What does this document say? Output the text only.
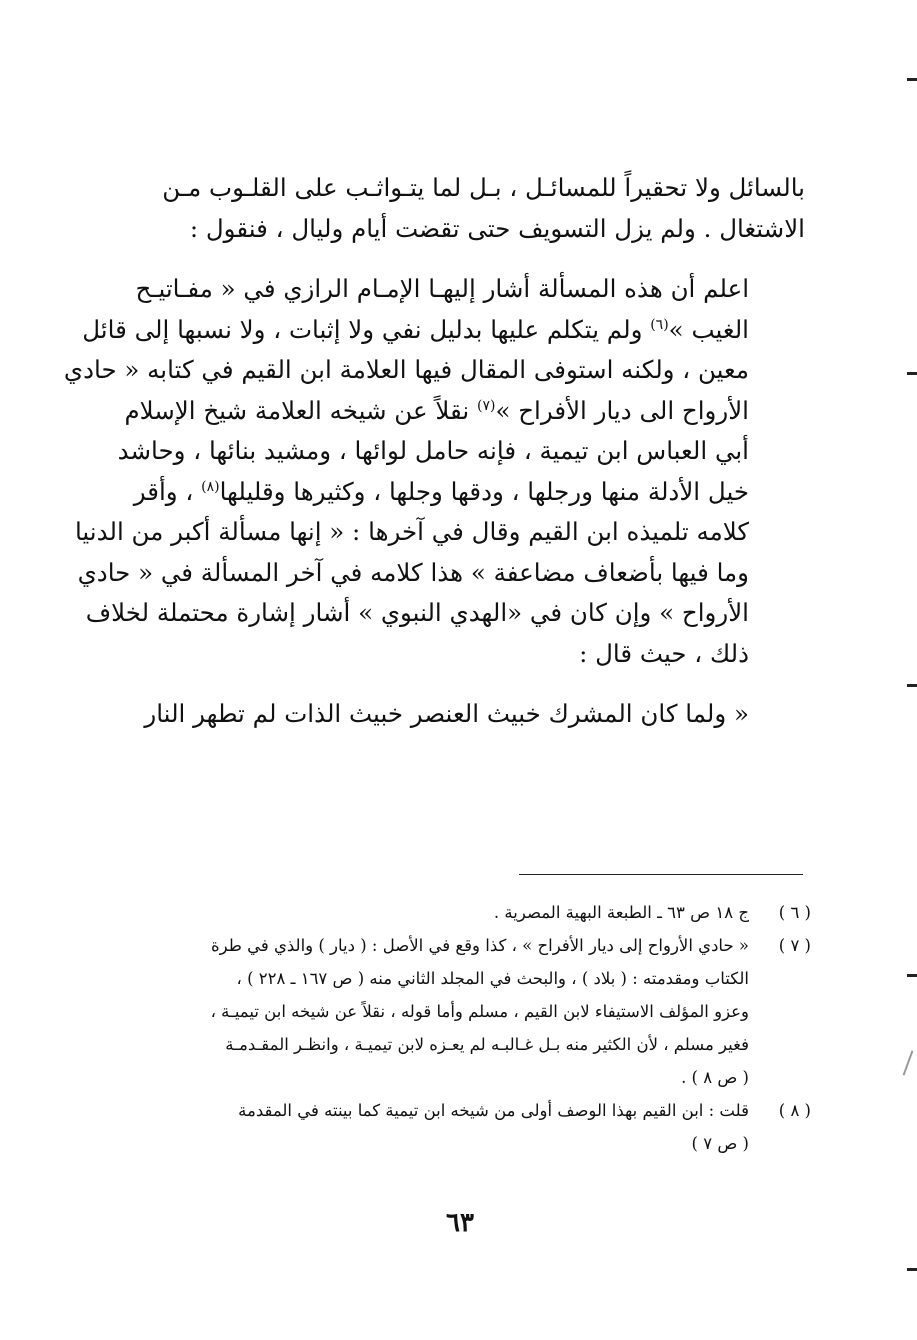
بالسائل ولا تحقيراً للمسائـل ، بـل لما يتـواثـب على القلـوب مـن
الاشتغال . ولم يزل التسويف حتى تقضت أيام وليال ، فنقول :

اعلم أن هذه المسألة أشار إليهـا الإمـام الرازي في « مفـاتيـح
الغيب »$^{(٦)}$ ولم يتكلم عليها بدليل نفي ولا إثبات ، ولا نسبها إلى قائل
معين ، ولكنه استوفى المقال فيها العلامة ابن القيم في كتابه « حادي
الأرواح الى ديار الأفراح »$^{(٧)}$ نقلاً عن شيخه العلامة شيخ الإسلام
أبي العباس ابن تيمية ، فإنه حامل لوائها ، ومشيد بنائها ، وحاشد
خيل الأدلة منها ورجلها ، ودقها وجلها ، وكثيرها وقليلها$^{(٨)}$ ، وأقر
كلامه تلميذه ابن القيم وقال في آخرها : « إنها مسألة أكبر من الدنيا
وما فيها بأضعاف مضاعفة » هذا كلامه في آخر المسألة في « حادي
الأرواح » وإن كان في «الهدي النبوي » أشار إشارة محتملة لخلاف
ذلك ، حيث قال :

« ولما كان المشرك خبيث العنصر خبيث الذات لم تطهر النار

( ٦ )
ج ١٨ ص ٦٣ ـ الطبعة البهية المصرية .
( ٧ )
« حادي الأرواح إلى ديار الأفراح » ، كذا وقع في الأصل : ( ديار ) والذي في طرة
الكتاب ومقدمته : ( بلاد ) ، والبحث في المجلد الثاني منه ( ص ١٦٧ ـ ٢٢٨ ) ،
وعزو المؤلف الاستيفاء لابن القيم ، مسلم وأما قوله ، نقلاً عن شيخه ابن تيميـة ،
فغير مسلم ، لأن الكثير منه بـل غـالبـه لم يعـزه لابن تيميـة ، وانظـر المقـدمـة
( ص ٨ ) .
( ٨ )
قلت : ابن القيم بهذا الوصف أولى من شيخه ابن تيمية كما بينته في المقدمة
( ص ٧ )
٦٣
